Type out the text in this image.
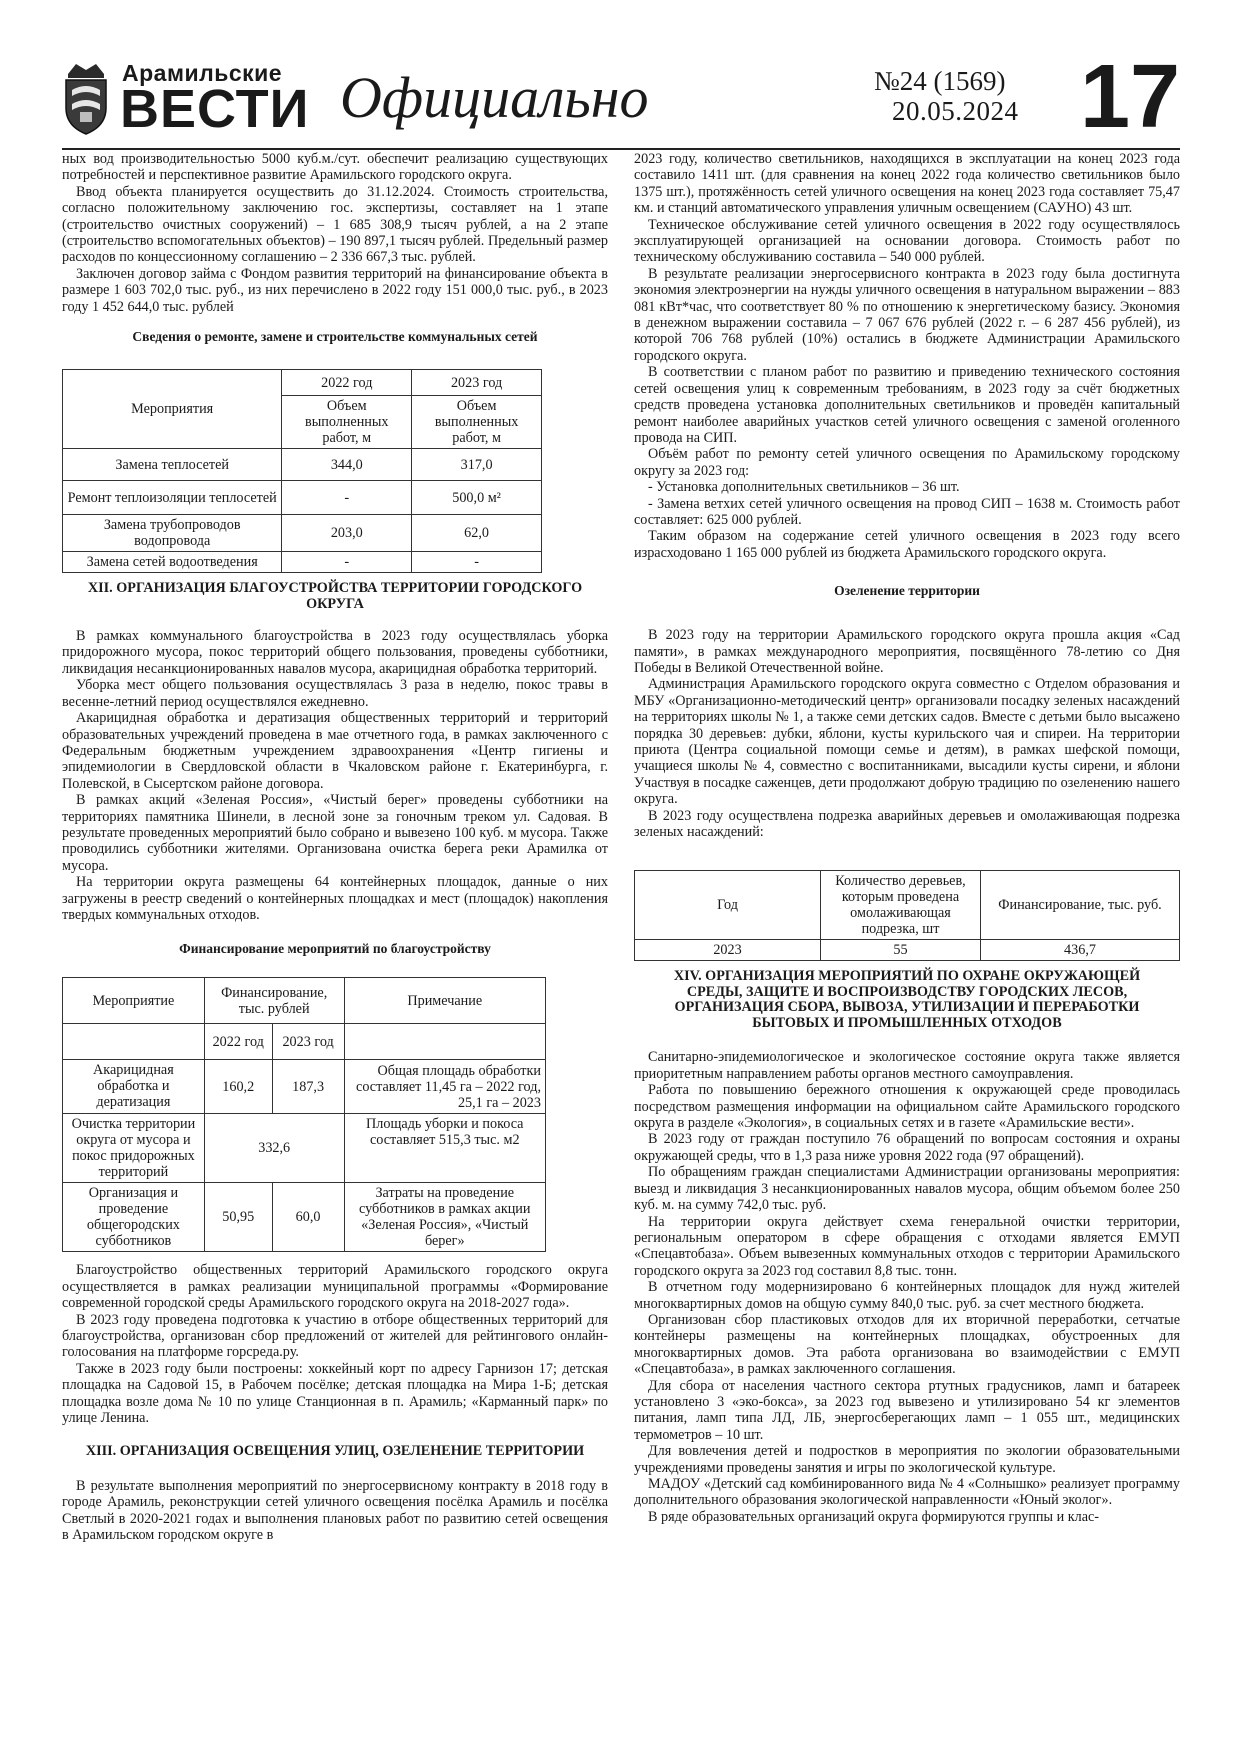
Арамильские
ВЕСТИ Официально	№24 (1569)
20.05.2024 17

ных вод производительностью 5000 куб.м./сут. обеспечит реализацию существующих потребностей и перспективное развитие Арамильского городского округа.

Ввод объекта планируется осуществить до 31.12.2024. Стоимость строительства, согласно положительному заключению гос. экспертизы, составляет на 1 этапе (строительство очистных сооружений) – 1 685 308,9 тысяч рублей, а на 2 этапе (строительство вспомогательных объектов) – 190 897,1 тысяч рублей. Предельный размер расходов по концессионному соглашению – 2 336 667,3 тыс. рублей.

Заключен договор займа с Фондом развития территорий на финансирование объекта в размере 1 603 702,0 тыс. руб., из них перечислено в 2022 году 151 000,0 тыс. руб., в 2023 году 1 452 644,0 тыс. рублей

Сведения о ремонте, замене и строительстве коммунальных сетей
Мероприятия	2022 год	2023 год
	Объем выполненных работ, м	Объем выполненных работ, м
Замена теплосетей	344,0	317,0
Ремонт теплоизоляции теплосетей	-	500,0 м²
Замена трубопроводов водопровода	203,0	62,0
Замена сетей водоотведения	-	-
XII. ОРГАНИЗАЦИЯ БЛАГОУСТРОЙСТВА ТЕРРИТОРИИ ГОРОДСКОГО ОКРУГА

В рамках коммунального благоустройства в 2023 году осуществлялась уборка придорожного мусора, покос территорий общего пользования, проведены субботники, ликвидация несанкционированных навалов мусора, акарицидная обработка территорий.

Уборка мест общего пользования осуществлялась 3 раза в неделю, покос травы в весенне-летний период осуществлялся ежедневно.

Акарицидная обработка и дератизация общественных территорий и территорий образовательных учреждений проведена в мае отчетного года, в рамках заключенного с Федеральным бюджетным учреждением здравоохранения «Центр гигиены и эпидемиологии в Свердловской области в Чкаловском районе г. Екатеринбурга, г. Полевской, в Сысертском районе договора.

В рамках акций «Зеленая Россия», «Чистый берег» проведены субботники на территориях памятника Шинели, в лесной зоне за гоночным треком ул. Садовая. В результате проведенных мероприятий было собрано и вывезено 100 куб. м мусора. Также проводились субботники жителями. Организована очистка берега реки Арамилка от мусора.

На территории округа размещены 64 контейнерных площадок, данные о них загружены в реестр сведений о контейнерных площадках и мест (площадок) накопления твердых коммунальных отходов.

Финансирование мероприятий по благоустройству
Мероприятие	Финансирование, тыс. рублей		Примечание
	2022 год	2023 год	
Акарицидная обработка и дератизация	160,2	187,3	Общая площадь обработки составляет 11,45 га – 2022 год, 25,1 га – 2023
Очистка территории округа от мусора и покос придорожных территорий	332,6		Площадь уборки и покоса составляет 515,3 тыс. м2
Организация и проведение общегородских субботников	50,95	60,0	Затраты на проведение субботников в рамках акции «Зеленая Россия», «Чистый берег»

Благоустройство общественных территорий Арамильского городского округа осуществляется в рамках реализации муниципальной программы «Формирование современной городской среды Арамильского городского округа на 2018-2027 года».

В 2023 году проведена подготовка к участию в отборе общественных территорий для благоустройства, организован сбор предложений от жителей для рейтингового онлайн-голосования на платформе горсреда.ру.

Также в 2023 году были построены: хоккейный корт по адресу Гарнизон 17; детская площадка на Садовой 15, в Рабочем посёлке; детская площадка на Мира 1-Б; детская площадка возле дома № 10 по улице Станционная в п. Арамиль; «Карманный парк» по улице Ленина.

XIII. ОРГАНИЗАЦИЯ ОСВЕЩЕНИЯ УЛИЦ, ОЗЕЛЕНЕНИЕ ТЕРРИТОРИИ

В результате выполнения мероприятий по энергосервисному контракту в 2018 году в городе Арамиль, реконструкции сетей уличного освещения посёлка Арамиль и посёлка Светлый в 2020-2021 годах и выполнения плановых работ по развитию сетей освещения в Арамильском городском округе в

2023 году, количество светильников, находящихся в эксплуатации на конец 2023 года составило 1411 шт. (для сравнения на конец 2022 года количество светильников было 1375 шт.), протяжённость сетей уличного освещения на конец 2023 года составляет 75,47 км. и станций автоматического управления уличным освещением (САУНО) 43 шт.

Техническое обслуживание сетей уличного освещения в 2022 году осуществлялось эксплуатирующей организацией на основании договора. Стоимость работ по техническому обслуживанию составила – 540 000 рублей.

В результате реализации энергосервисного контракта в 2023 году была достигнута экономия электроэнергии на нужды уличного освещения в натуральном выражении – 883 081 кВт*час, что соответствует 80 % по отношению к энергетическому базису. Экономия в денежном выражении составила – 7 067 676 рублей (2022 г. – 6 287 456 рублей), из которой 706 768 рублей (10%) остались в бюджете Администрации Арамильского городского округа.

В соответствии с планом работ по развитию и приведению технического состояния сетей освещения улиц к современным требованиям, в 2023 году за счёт бюджетных средств проведена установка дополнительных светильников и проведён капитальный ремонт наиболее аварийных участков сетей уличного освещения с заменой оголенного провода на СИП.

Объём работ по ремонту сетей уличного освещения по Арамильскому городскому округу за 2023 год:

- Установка дополнительных светильников – 36 шт.

- Замена ветхих сетей уличного освещения на провод СИП – 1638 м. Стоимость работ составляет: 625 000 рублей.

Таким образом на содержание сетей уличного освещения в 2023 году всего израсходовано 1 165 000 рублей из бюджета Арамильского городского округа.

Озеленение территории

В 2023 году на территории Арамильского городского округа прошла акция «Сад памяти», в рамках международного мероприятия, посвящённого 78-летию со Дня Победы в Великой Отечественной войне.

Администрация Арамильского городского округа совместно с Отделом образования и МБУ «Организационно-методический центр» организовали посадку зеленых насаждений на территориях школы № 1, а также семи детских садов. Вместе с детьми было высажено порядка 30 деревьев: дубки, яблони, кусты курильского чая и спиреи. На территории приюта (Центра социальной помощи семье и детям), в рамках шефской помощи, учащиеся школы № 4, совместно с воспитанниками, высадили кусты сирени, и яблони Участвуя в посадке саженцев, дети продолжают добрую традицию по озеленению нашего округа.

В 2023 году осуществлена подрезка аварийных деревьев и омолаживающая подрезка зеленых насаждений:

Год	Количество деревьев, которым проведена омолаживающая подрезка, шт	Финансирование, тыс. руб.
2023	55	436,7
XIV. ОРГАНИЗАЦИЯ МЕРОПРИЯТИЙ ПО ОХРАНЕ ОКРУЖАЮЩЕЙ СРЕДЫ, ЗАЩИТЕ И ВОСПРОИЗВОДСТВУ ГОРОДСКИХ ЛЕСОВ, ОРГАНИЗАЦИЯ СБОРА, ВЫВОЗА, УТИЛИЗАЦИИ И ПЕРЕРАБОТКИ БЫТОВЫХ И ПРОМЫШЛЕННЫХ ОТХОДОВ

Санитарно-эпидемиологическое и экологическое состояние округа также является приоритетным направлением работы органов местного самоуправления.

Работа по повышению бережного отношения к окружающей среде проводилась посредством размещения информации на официальном сайте Арамильского городского округа в разделе «Экология», в социальных сетях и в газете «Арамильские вести».

В 2023 году от граждан поступило 76 обращений по вопросам состояния и охраны окружающей среды, что в 1,3 раза ниже уровня 2022 года (97 обращений).

По обращениям граждан специалистами Администрации организованы мероприятия: выезд и ликвидация 3 несанкционированных навалов мусора, общим объемом более 250 куб. м. на сумму 742,0 тыс. руб.

На территории округа действует схема генеральной очистки территории, региональным оператором в сфере обращения с отходами является ЕМУП «Спецавтобаза». Объем вывезенных коммунальных отходов с территории Арамильского городского округа за 2023 год составил 8,8 тыс. тонн.

В отчетном году модернизировано 6 контейнерных площадок для нужд жителей многоквартирных домов на общую сумму 840,0 тыс. руб. за счет местного бюджета.

Организован сбор пластиковых отходов для их вторичной переработки, сетчатые контейнеры размещены на контейнерных площадках, обустроенных для многоквартирных домов. Эта работа организована во взаимодействии с ЕМУП «Спецавтобаза», в рамках заключенного соглашения.

Для сбора от населения частного сектора ртутных градусников, ламп и батареек установлено 3 «эко-бокса», за 2023 год вывезено и утилизировано 54 кг элементов питания, ламп типа ЛД, ЛБ, энергосберегающих ламп – 1 055 шт., медицинских термометров – 10 шт.

Для вовлечения детей и подростков в мероприятия по экологии образовательными учреждениями проведены занятия и игры по экологической культуре.

МАДОУ «Детский сад комбинированного вида № 4 «Солнышко» реализует программу дополнительного образования экологической направленности «Юный эколог».

В ряде образовательных организаций округа формируются группы и клас-
